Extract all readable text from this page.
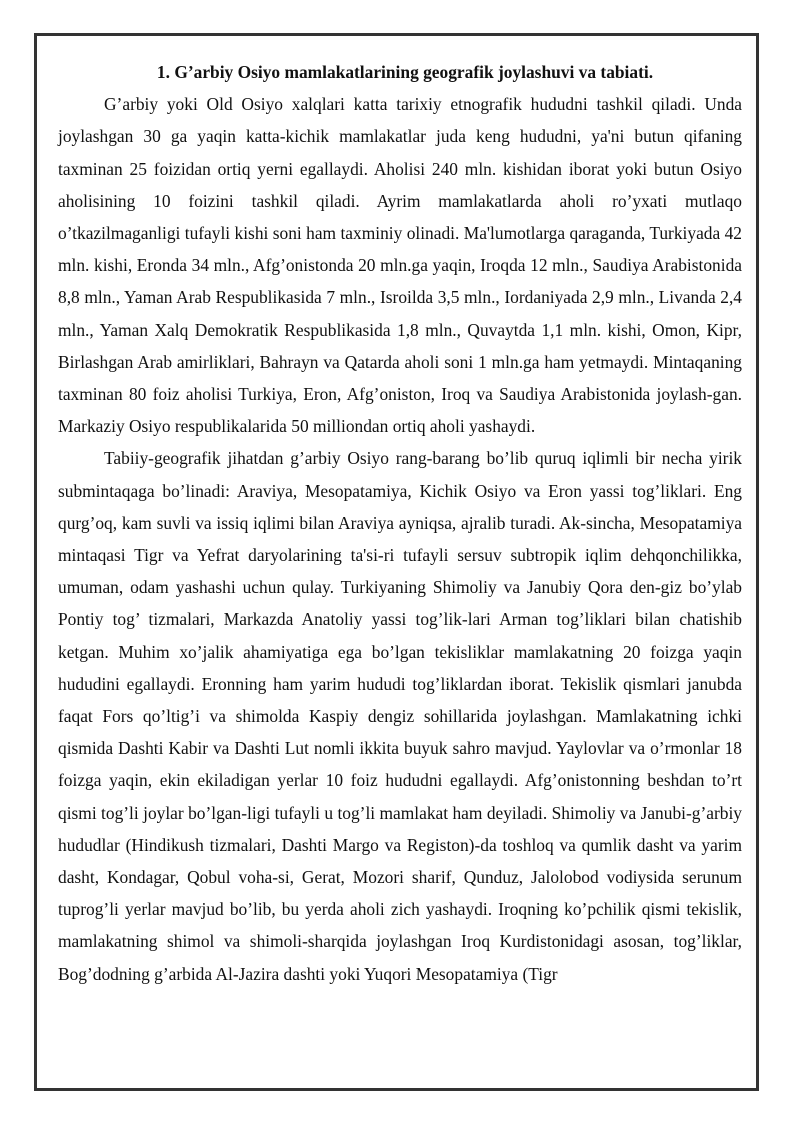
1. G’arbiy Osiyo mamlakatlarining geografik joylashuvi va tabiati.

G’arbiy yoki Old Osiyo xalqlari katta tarixiy etnografik hududni tashkil qiladi. Unda joylashgan 30 ga yaqin katta-kichik mamlakatlar juda keng hududni, ya'ni butun qifaning taxminan 25 foizidan ortiq yerni egallaydi. Aholisi 240 mln. kishidan iborat yoki butun Osiyo aholisining 10 foizini tashkil qiladi. Ayrim mamlakatlarda aholi ro’yxati mutlaqo o’tkazilmaganligi tufayli kishi soni ham taxminiy olinadi. Ma'lumotlarga qaraganda, Turkiyada 42 mln. kishi, Eronda 34 mln., Afg’onistonda 20 mln.ga yaqin, Iroqda 12 mln., Saudiya Arabistonida 8,8 mln., Yaman Arab Respublikasida 7 mln., Isroilda 3,5 mln., Iordaniyada 2,9 mln., Livanda 2,4 mln., Yaman Xalq Demokratik Respublikasida 1,8 mln., Quvaytda 1,1 mln. kishi, Omon, Kipr, Birlashgan Arab amirliklari, Bahrayn va Qatarda aholi soni 1 mln.ga ham yetmaydi. Mintaqaning taxminan 80 foiz aholisi Turkiya, Eron, Afg’oniston, Iroq va Saudiya Arabistonida joylash-gan. Markaziy Osiyo respublikalarida 50 milliondan ortiq aholi yashaydi.

Tabiiy-geografik jihatdan g’arbiy Osiyo rang-barang bo’lib quruq iqlimli bir necha yirik submintaqaga bo’linadi: Araviya, Mesopatamiya, Kichik Osiyo va Eron yassi tog’liklari. Eng qurg’oq, kam suvli va issiq iqlimi bilan Araviya ayniqsa, ajralib turadi. Ak-sincha, Mesopatamiya mintaqasi Tigr va Yefrat daryolarining ta'si-ri tufayli sersuv subtropik iqlim dehqonchilikka, umuman, odam yashashi uchun qulay. Turkiyaning Shimoliy va Janubiy Qora den-giz bo’ylab Pontiy tog’ tizmalari, Markazda Anatoliy yassi tog’lik-lari Arman tog’liklari bilan chatishib ketgan. Muhim xo’jalik ahamiyatiga ega bo’lgan tekisliklar mamlakatning 20 foizga yaqin hududini egallaydi. Eronning ham yarim hududi tog’liklardan iborat. Tekislik qismlari janubda faqat Fors qo’ltig’i va shimolda Kaspiy dengiz sohillarida joylashgan. Mamlakatning ichki qismida Dashti Kabir va Dashti Lut nomli ikkita buyuk sahro mavjud. Yaylovlar va o’rmonlar 18 foizga yaqin, ekin ekiladigan yerlar 10 foiz hududni egallaydi. Afg’onistonning beshdan to’rt qismi tog’li joylar bo’lgan-ligi tufayli u tog’li mamlakat ham deyiladi. Shimoliy va Janubi-g’arbiy hududlar (Hindikush tizmalari, Dashti Margo va Registon)-da toshloq va qumlik dasht va yarim dasht, Kondagar, Qobul voha-si, Gerat, Mozori sharif, Qunduz, Jalolobod vodiysida serunum tuprog’li yerlar mavjud bo’lib, bu yerda aholi zich yashaydi. Iroqning ko’pchilik qismi tekislik, mamlakatning shimol va shimoli-sharqida joylashgan Iroq Kurdistonidagi asosan, tog’liklar, Bog’dodning g’arbida Al-Jazira dashti yoki Yuqori Mesopatamiya (Tigr
